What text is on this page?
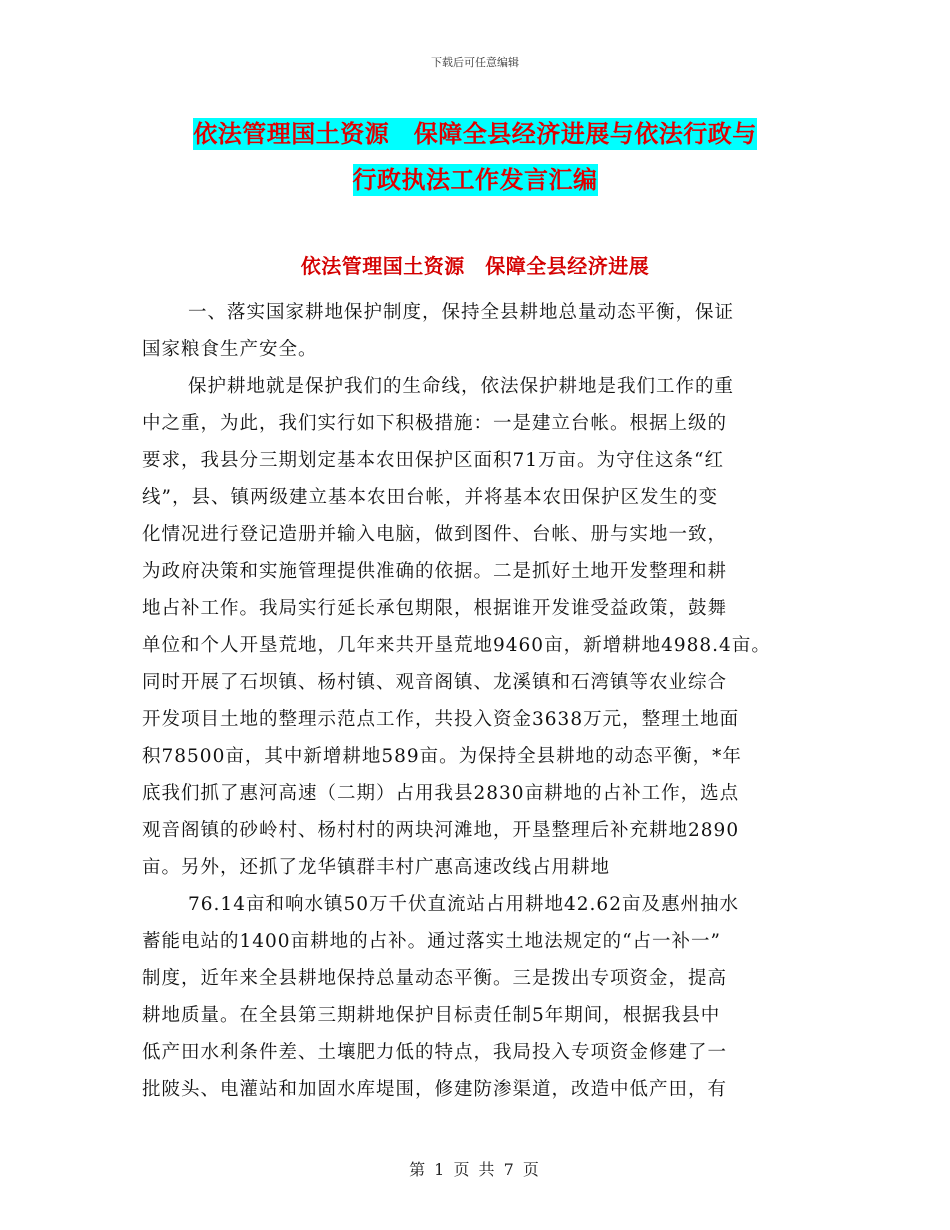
下载后可任意编辑
依法管理国土资源　保障全县经济进展与依法行政与
行政执法工作发言汇编
依法管理国土资源　保障全县经济进展
一、落实国家耕地保护制度，保持全县耕地总量动态平衡，保证
国家粮食生产安全。
保护耕地就是保护我们的生命线，依法保护耕地是我们工作的重
中之重，为此，我们实行如下积极措施：一是建立台帐。根据上级的
要求，我县分三期划定基本农田保护区面积71万亩。为守住这条“红
线”，县、镇两级建立基本农田台帐，并将基本农田保护区发生的变
化情况进行登记造册并输入电脑，做到图件、台帐、册与实地一致，
为政府决策和实施管理提供准确的依据。二是抓好土地开发整理和耕
地占补工作。我局实行延长承包期限，根据谁开发谁受益政策，鼓舞
单位和个人开垦荒地，几年来共开垦荒地9460亩，新增耕地4988.4亩。
同时开展了石坝镇、杨村镇、观音阁镇、龙溪镇和石湾镇等农业综合
开发项目土地的整理示范点工作，共投入资金3638万元，整理土地面
积78500亩，其中新增耕地589亩。为保持全县耕地的动态平衡，*年
底我们抓了惠河高速（二期）占用我县2830亩耕地的占补工作，选点
观音阁镇的砂岭村、杨村村的两块河滩地，开垦整理后补充耕地2890
亩。另外，还抓了龙华镇群丰村广惠高速改线占用耕地
76.14亩和响水镇50万千伏直流站占用耕地42.62亩及惠州抽水
蓄能电站的1400亩耕地的占补。通过落实土地法规定的“占一补一”
制度，近年来全县耕地保持总量动态平衡。三是拨出专项资金，提高
耕地质量。在全县第三期耕地保护目标责任制5年期间，根据我县中
低产田水利条件差、土壤肥力低的特点，我局投入专项资金修建了一
批陂头、电灌站和加固水库堤围，修建防渗渠道，改造中低产田，有
第 1 页 共 7 页
